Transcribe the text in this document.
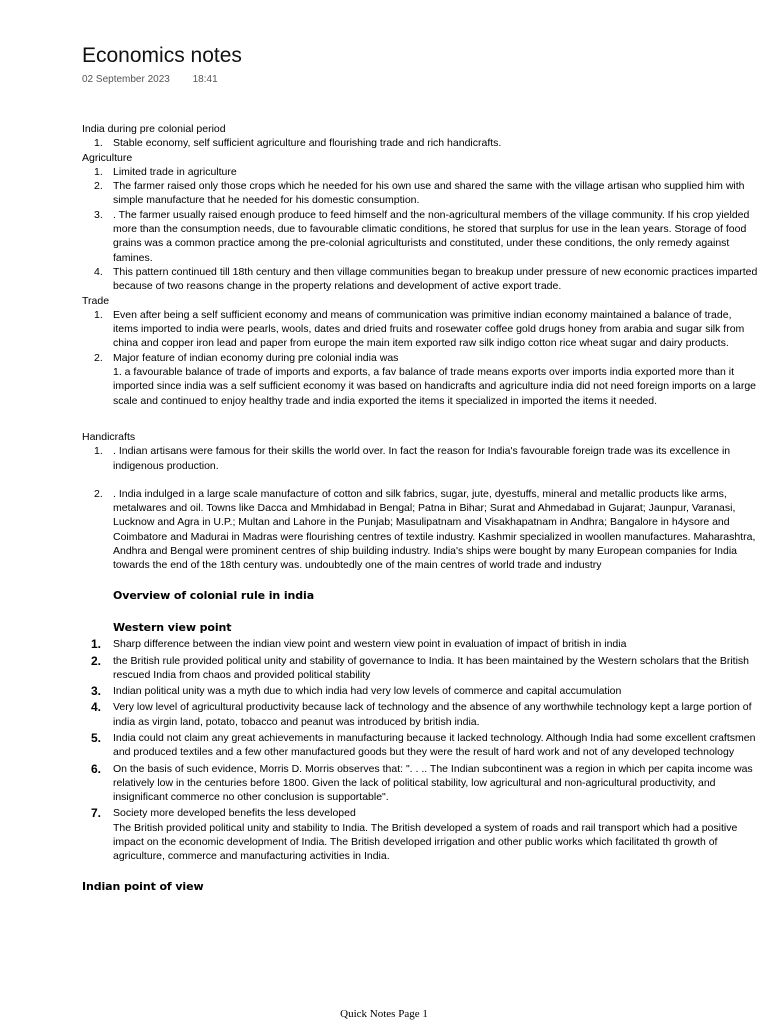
Economics notes
02 September 2023 18:41

India during pre colonial period

1. Stable economy, self sufficient agriculture and flourishing trade and rich handicrafts.

Agriculture

1. Limited trade in agriculture
2. The farmer raised only those crops which he needed for his own use and shared the same with the village artisan who supplied him with simple manufacture that he needed for his domestic consumption.
3. . The farmer usually raised enough produce to feed himself and the non-agricultural members of the village community. If his crop yielded more than the consumption needs, due to favourable climatic conditions, he stored that surplus for use in the lean years. Storage of food grains was a common practice among the pre-colonial agriculturists and constituted, under these conditions, the only remedy against famines.
4. This pattern continued till 18th century and then village communities began to breakup under pressure of new economic practices imparted because of two reasons change in the property relations and development of active export trade.

Trade

1. Even after being a self sufficient economy and means of communication was primitive indian economy maintained a balance of trade, items imported to india were pearls, wools, dates and dried fruits and rosewater coffee gold drugs honey from arabia and sugar silk from china and copper iron lead and paper from europe the main item exported raw silk indigo cotton rice wheat sugar and dairy products.
2. Major feature of indian economy during pre colonial india was
1. a favourable balance of trade of imports and exports, a fav balance of trade means exports over imports india exported more than it imported since india was a self sufficient economy it was based on handicrafts and agriculture india did not need foreign imports on a large scale and continued to enjoy healthy trade and india exported the items it specialized in imported the items it needed.

Handicrafts

1. . Indian artisans were famous for their skills the world over. In fact the reason for India's favourable foreign trade was its excellence in indigenous production.
2. . India indulged in a large scale manufacture of cotton and silk fabrics, sugar, jute, dyestuffs, mineral and metallic products like arms, metalwares and oil. Towns like Dacca and Mmhidabad in Bengal; Patna in Bihar; Surat and Ahmedabad in Gujarat; Jaunpur, Varanasi, Lucknow and Agra in U.P.; Multan and Lahore in the Punjab; Masulipatnam and Visakhapatnam in Andhra; Bangalore in h4ysore and Coimbatore and Madurai in Madras were flourishing centres of textile industry. Kashmir specialized in woollen manufactures. Maharashtra, Andhra and Bengal were prominent centres of ship building industry. India's ships were bought by many European companies for India towards the end of the 18th century was. undoubtedly one of the main centres of world trade and industry

Overview of colonial rule in india

Western view point

1. Sharp difference between the indian view point and western view point in evaluation of impact of british in india
2. the British rule provided political unity and stability of governance to India. It has been maintained by the Western scholars that the British rescued India from chaos and provided political stability
3. Indian political unity was a myth due to which india had very low levels of commerce and capital accumulation
4. Very low level of agricultural productivity because lack of technology and the absence of any worthwhile technology kept a large portion of india as virgin land, potato, tobacco and peanut was introduced by british india.
5. India could not claim any great achievements in manufacturing because it lacked technology. Although India had some excellent craftsmen and produced textiles and a few other manufactured goods but they were the result of hard work and not of any developed technology
6. On the basis of such evidence, Morris D. Morris observes that: ". . .. The Indian subcontinent was a region in which per capita income was relatively low in the centuries before 1800. Given the lack of political stability, low agricultural and non-agricultural productivity, and insignificant commerce no other conclusion is supportable".
7. Society more developed benefits the less developed
The British provided political unity and stability to India. The British developed a system of roads and rail transport which had a positive impact on the economic development of India. The British developed irrigation and other public works which facilitated th growth of agriculture, commerce and manufacturing activities in India.

Indian point of view

Quick Notes Page 1
